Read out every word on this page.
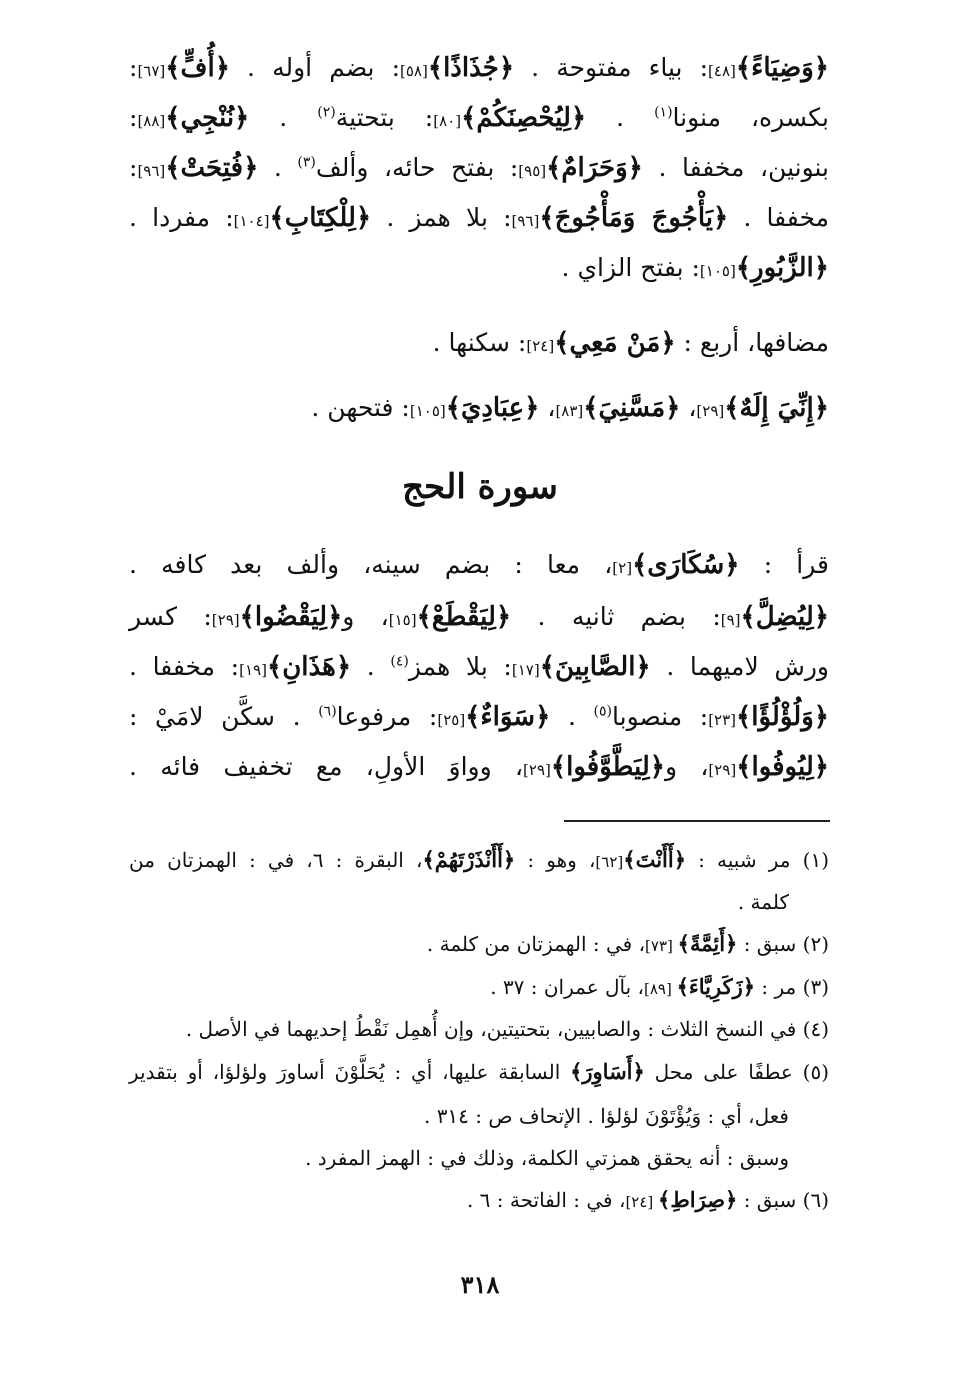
﴿وَضِيَاءً﴾[٤٨]: بياء مفتوحة . ﴿جُذَاذًا﴾[٥٨]: بضم أوله . ﴿أُفٍّ﴾[٦٧]:
بكسره، منونا$^{(١)}$ . ﴿لِيُحْصِنَكُمْ﴾[٨٠]: بتحتية$^{(٢)}$ . ﴿نُنْجِي﴾[٨٨]:
بنونين، مخففا . ﴿وَحَرَامٌ﴾[٩٥]: بفتح حائه، وألف$^{(٣)}$ . ﴿فُتِحَتْ﴾[٩٦]:
مخففا . ﴿يَأْجُوجَ وَمَأْجُوجَ﴾[٩٦]: بلا همز . ﴿لِلْكِتَابِ﴾[١٠٤]: مفردا .
﴿الزَّبُورِ﴾[١٠٥]: بفتح الزاي .
مضافها، أربع : ﴿مَنْ مَعِي﴾[٢٤]: سكنها .
﴿إِنِّيَ إِلَهٌ﴾[٢٩]، ﴿مَسَّنِيَ﴾[٨٣]، ﴿عِبَادِيَ﴾[١٠٥]: فتحهن .
سورة الحج
قرأ : ﴿سُكَارَى﴾[٢]، معا : بضم سينه، وألف بعد كافه .
﴿لِيُضِلَّ﴾[٩]: بضم ثانيه . ﴿لِيَقْطَعْ﴾[١٥]، و﴿لِيَقْضُوا﴾[٢٩]: كسر
ورش لاميهما . ﴿الصَّابِينَ﴾[١٧]: بلا همز$^{(٤)}$ . ﴿هَذَانِ﴾[١٩]: مخففا .
﴿وَلُؤْلُؤًا﴾[٢٣]: منصوبا$^{(٥)}$ . ﴿سَوَاءٌ﴾[٢٥]: مرفوعا$^{(٦)}$ . سكَّن لامَيْ :
﴿لِيُوفُوا﴾[٢٩]، و﴿لِيَطَّوَّفُوا﴾[٢٩]، وواوَ الأولِ، مع تخفيف فائه .
(١) مر شبيه : ﴿أَأَنْتَ﴾[٦٢]، وهو : ﴿أَأَنْذَرْتَهُمْ﴾، البقرة : ٦، في : الهمزتان من
كلمة .
(٢) سبق : ﴿أَئِمَّةً﴾ [٧٣]، في : الهمزتان من كلمة .
(٣) مر : ﴿زَكَرِيَّاءَ﴾ [٨٩]، بآل عمران : ٣٧ .
(٤) في النسخ الثلاث : والصابيين، بتحتيتين، وإن أُهمِل نَقْطُ إحديهما في الأصل .
(٥) عطفًا على محل ﴿أَسَاوِرَ﴾ السابقة عليها، أي : يُحَلَّوْنَ أساورَ ولؤلؤا، أو بتقدير
فعل، أي : وَيُؤْتَوْنَ لؤلؤا . الإتحاف ص : ٣١٤ .
وسبق : أنه يحقق همزتي الكلمة، وذلك في : الهمز المفرد .
(٦) سبق : ﴿صِرَاطِ﴾ [٢٤]، في : الفاتحة : ٦ .
٣١٨
